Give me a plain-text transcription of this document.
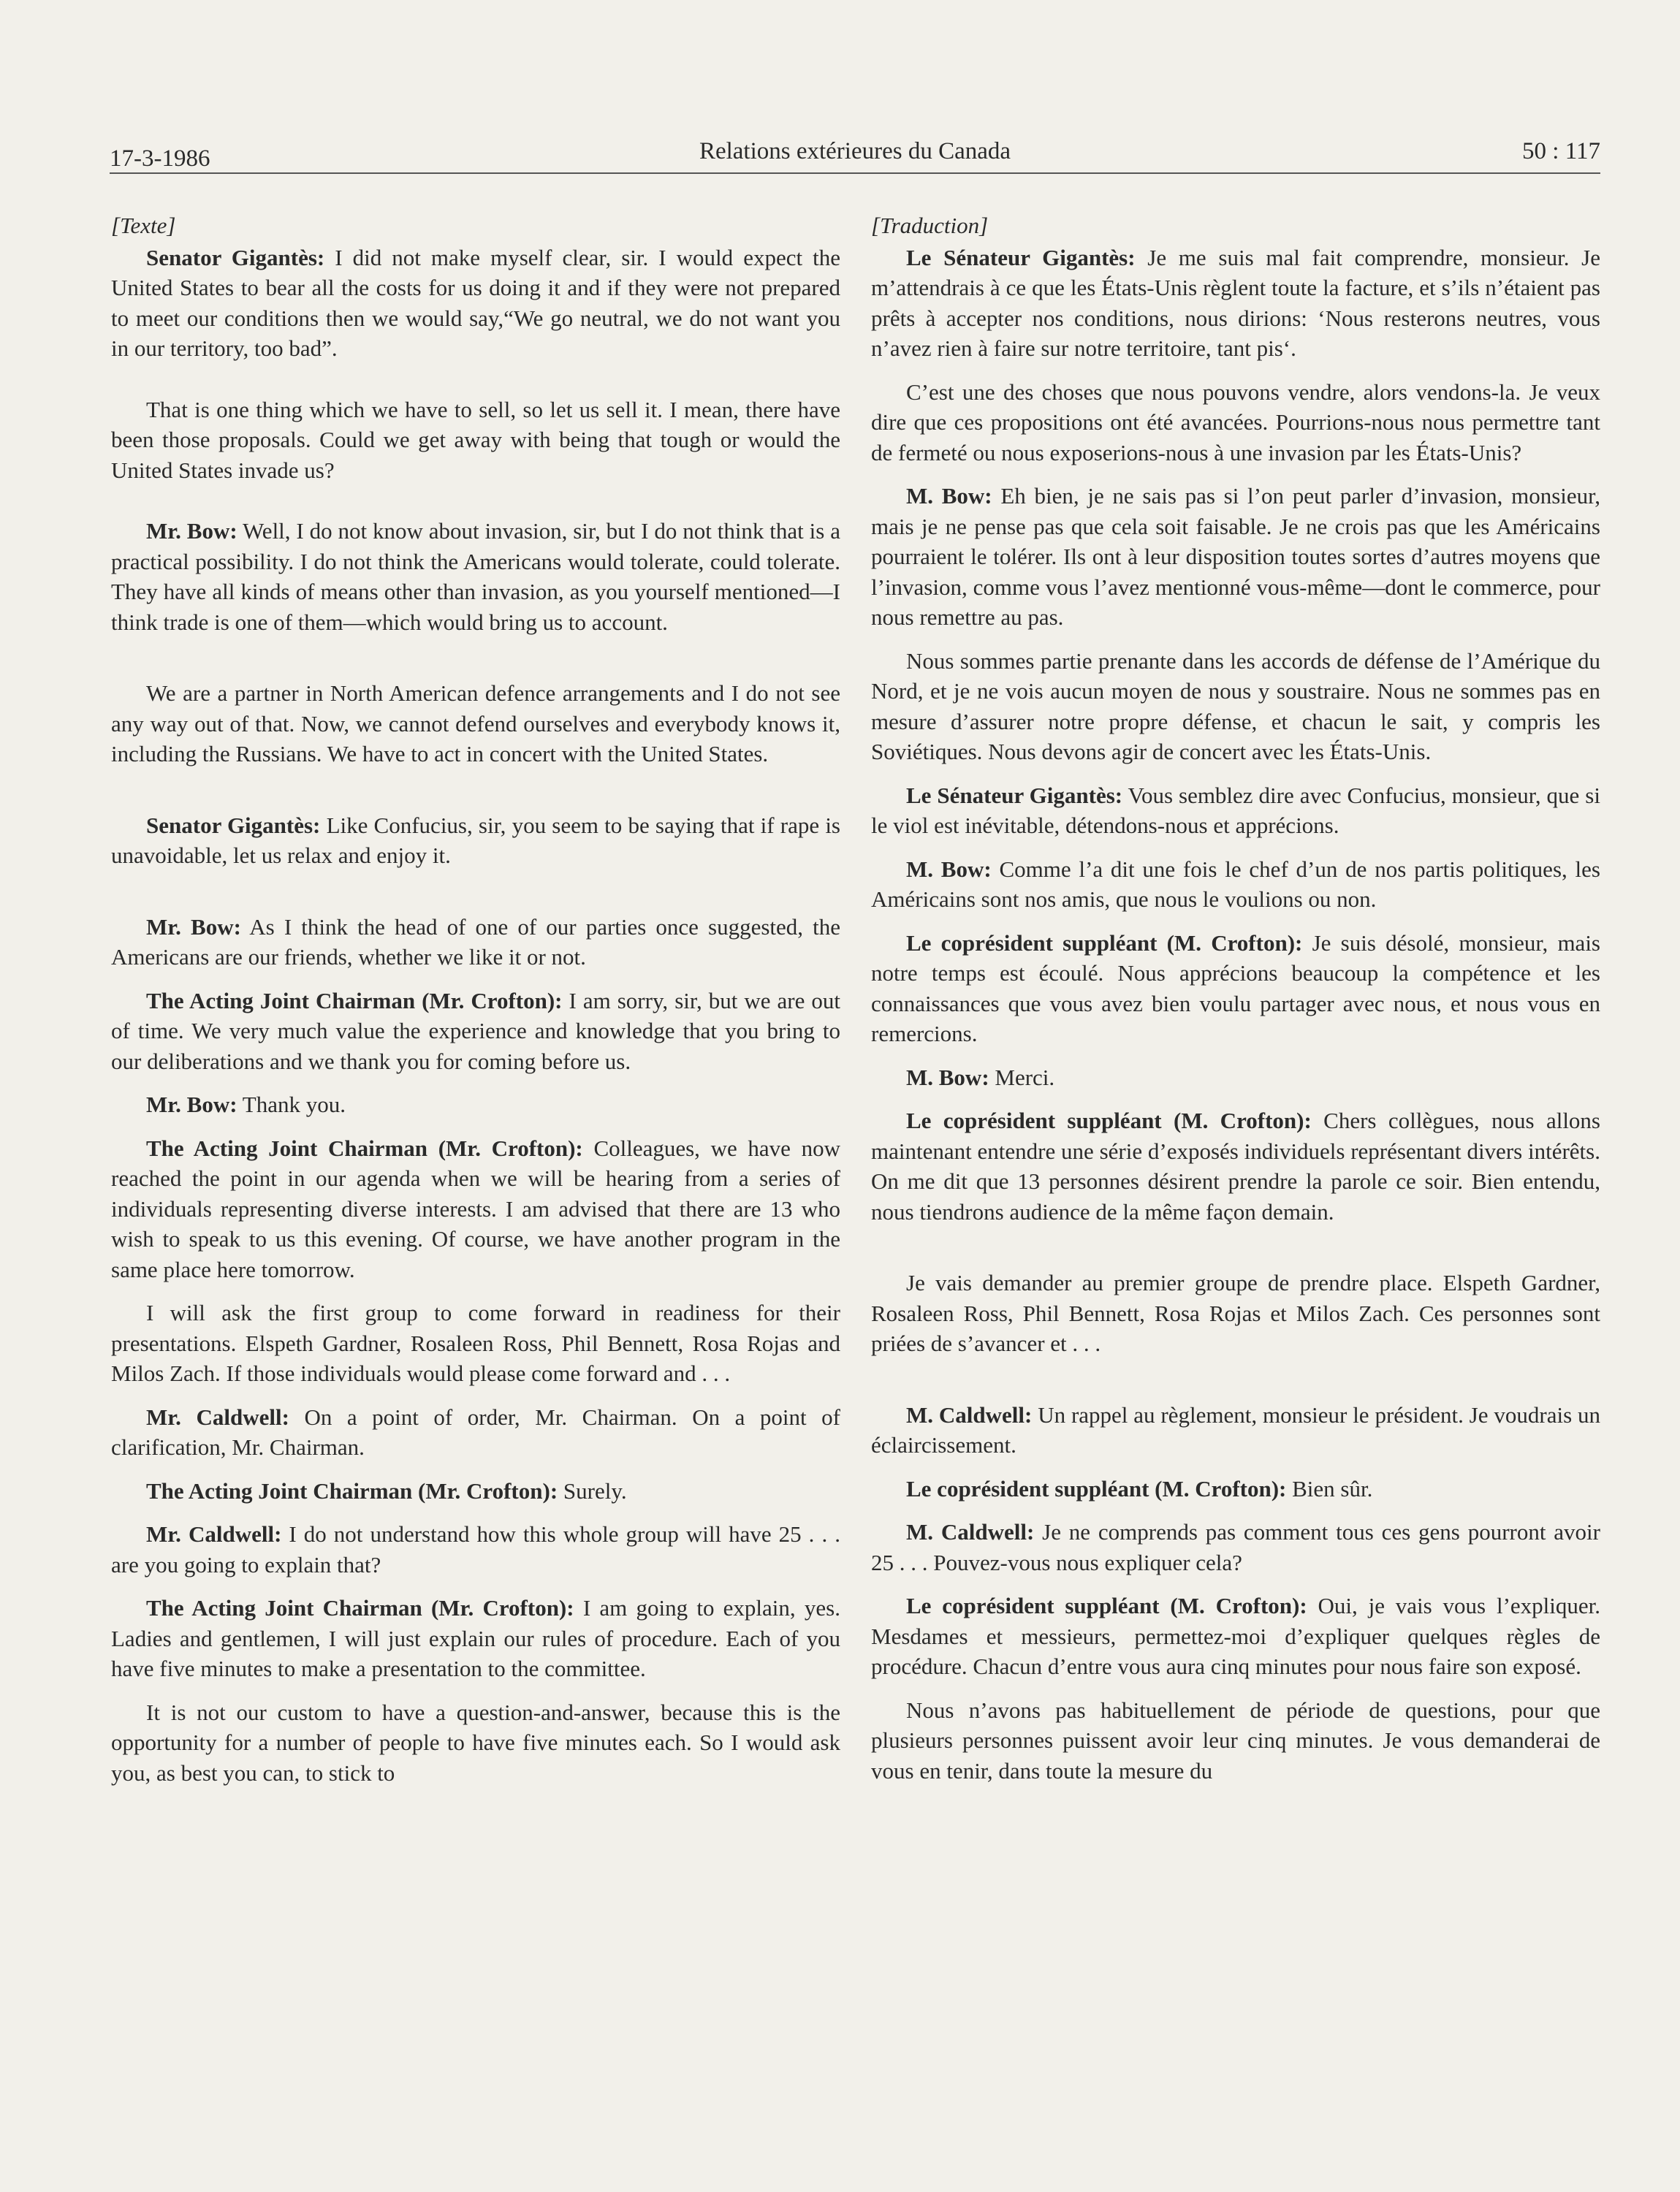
17-3-1986	Relations extérieures du Canada	50 : 117

[Texte]

Senator Gigantès: I did not make myself clear, sir. I would expect the United States to bear all the costs for us doing it and if they were not prepared to meet our conditions then we would say,“We go neutral, we do not want you in our territory, too bad”.

That is one thing which we have to sell, so let us sell it. I mean, there have been those proposals. Could we get away with being that tough or would the United States invade us?

Mr. Bow: Well, I do not know about invasion, sir, but I do not think that is a practical possibility. I do not think the Americans would tolerate, could tolerate. They have all kinds of means other than invasion, as you yourself mentioned—I think trade is one of them—which would bring us to account.

We are a partner in North American defence arrangements and I do not see any way out of that. Now, we cannot defend ourselves and everybody knows it, including the Russians. We have to act in concert with the United States.

Senator Gigantès: Like Confucius, sir, you seem to be saying that if rape is unavoidable, let us relax and enjoy it.

Mr. Bow: As I think the head of one of our parties once suggested, the Americans are our friends, whether we like it or not.

The Acting Joint Chairman (Mr. Crofton): I am sorry, sir, but we are out of time. We very much value the experience and knowledge that you bring to our deliberations and we thank you for coming before us.

Mr. Bow: Thank you.

The Acting Joint Chairman (Mr. Crofton): Colleagues, we have now reached the point in our agenda when we will be hearing from a series of individuals representing diverse interests. I am advised that there are 13 who wish to speak to us this evening. Of course, we have another program in the same place here tomorrow.

I will ask the first group to come forward in readiness for their presentations. Elspeth Gardner, Rosaleen Ross, Phil Bennett, Rosa Rojas and Milos Zach. If those individuals would please come forward and . . .

Mr. Caldwell: On a point of order, Mr. Chairman. On a point of clarification, Mr. Chairman.

The Acting Joint Chairman (Mr. Crofton): Surely.

Mr. Caldwell: I do not understand how this whole group will have 25 . . . are you going to explain that?

The Acting Joint Chairman (Mr. Crofton): I am going to explain, yes. Ladies and gentlemen, I will just explain our rules of procedure. Each of you have five minutes to make a presentation to the committee.

It is not our custom to have a question-and-answer, because this is the opportunity for a number of people to have five minutes each. So I would ask you, as best you can, to stick to

[Traduction]

Le Sénateur Gigantès: Je me suis mal fait comprendre, monsieur. Je m’attendrais à ce que les États-Unis règlent toute la facture, et s’ils n’étaient pas prêts à accepter nos conditions, nous dirions: ‘Nous resterons neutres, vous n’avez rien à faire sur notre territoire, tant pis‘.

C’est une des choses que nous pouvons vendre, alors vendons-la. Je veux dire que ces propositions ont été avancées. Pourrions-nous nous permettre tant de fermeté ou nous exposerions-nous à une invasion par les États-Unis?

M. Bow: Eh bien, je ne sais pas si l’on peut parler d’invasion, monsieur, mais je ne pense pas que cela soit faisable. Je ne crois pas que les Américains pourraient le tolérer. Ils ont à leur disposition toutes sortes d’autres moyens que l’invasion, comme vous l’avez mentionné vous-même—dont le commerce, pour nous remettre au pas.

Nous sommes partie prenante dans les accords de défense de l’Amérique du Nord, et je ne vois aucun moyen de nous y soustraire. Nous ne sommes pas en mesure d’assurer notre propre défense, et chacun le sait, y compris les Soviétiques. Nous devons agir de concert avec les États-Unis.

Le Sénateur Gigantès: Vous semblez dire avec Confucius, monsieur, que si le viol est inévitable, détendons-nous et apprécions.

M. Bow: Comme l’a dit une fois le chef d’un de nos partis politiques, les Américains sont nos amis, que nous le voulions ou non.

Le coprésident suppléant (M. Crofton): Je suis désolé, monsieur, mais notre temps est écoulé. Nous apprécions beaucoup la compétence et les connaissances que vous avez bien voulu partager avec nous, et nous vous en remercions.

M. Bow: Merci.

Le coprésident suppléant (M. Crofton): Chers collègues, nous allons maintenant entendre une série d’exposés individuels représentant divers intérêts. On me dit que 13 personnes désirent prendre la parole ce soir. Bien entendu, nous tiendrons audience de la même façon demain.

Je vais demander au premier groupe de prendre place. Elspeth Gardner, Rosaleen Ross, Phil Bennett, Rosa Rojas et Milos Zach. Ces personnes sont priées de s’avancer et . . .

M. Caldwell: Un rappel au règlement, monsieur le président. Je voudrais un éclaircissement.

Le coprésident suppléant (M. Crofton): Bien sûr.

M. Caldwell: Je ne comprends pas comment tous ces gens pourront avoir 25 . . . Pouvez-vous nous expliquer cela?

Le coprésident suppléant (M. Crofton): Oui, je vais vous l’expliquer. Mesdames et messieurs, permettez-moi d’expliquer quelques règles de procédure. Chacun d’entre vous aura cinq minutes pour nous faire son exposé.

Nous n’avons pas habituellement de période de questions, pour que plusieurs personnes puissent avoir leur cinq minutes. Je vous demanderai de vous en tenir, dans toute la mesure du
